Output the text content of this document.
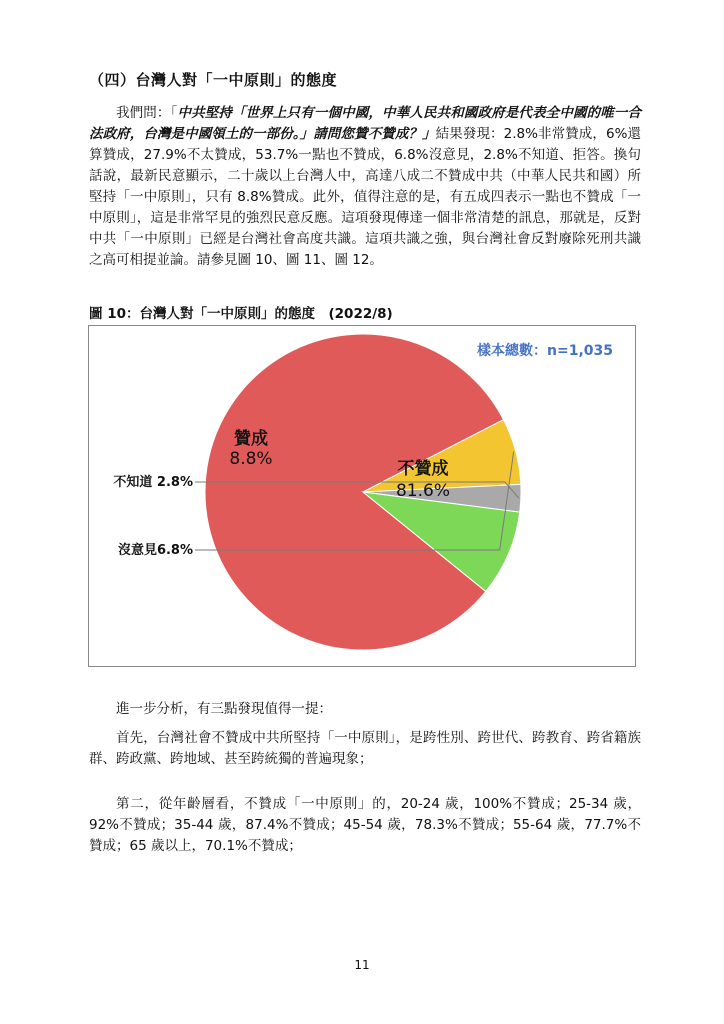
（四）台灣人對「一中原則」的態度
我們問：「中共堅持「世界上只有一個中國，中華人民共和國政府是代表全中國的唯一合法政府，台灣是中國領土的一部份。」請問您贊不贊成？」結果發現：2.8%非常贊成，6%還算贊成，27.9%不太贊成，53.7%一點也不贊成，6.8%沒意見，2.8%不知道、拒答。換句話說，最新民意顯示，二十歲以上台灣人中，高達八成二不贊成中共（中華人民共和國）所堅持「一中原則」，只有 8.8%贊成。此外，值得注意的是，有五成四表示一點也不贊成「一中原則」，這是非常罕見的強烈民意反應。這項發現傳達一個非常清楚的訊息，那就是，反對中共「一中原則」已經是台灣社會高度共識。這項共識之強，與台灣社會反對廢除死刑共識之高可相提並論。請參見圖 10、圖 11、圖 12。
圖 10：台灣人對「一中原則」的態度　(2022/8)
不贊成
81.6%
沒意見6.8%
不知道 2.8%
贊成
8.8%
樣本總數：n=1,035
進一步分析，有三點發現值得一提：
首先，台灣社會不贊成中共所堅持「一中原則」，是跨性別、跨世代、跨教育、跨省籍族群、跨政黨、跨地域、甚至跨統獨的普遍現象；
第二，從年齡層看，不贊成「一中原則」的，20-24 歲，100%不贊成；25-34 歲，92%不贊成；35-44 歲，87.4%不贊成；45-54 歲，78.3%不贊成；55-64 歲，77.7%不贊成；65 歲以上，70.1%不贊成；
11
